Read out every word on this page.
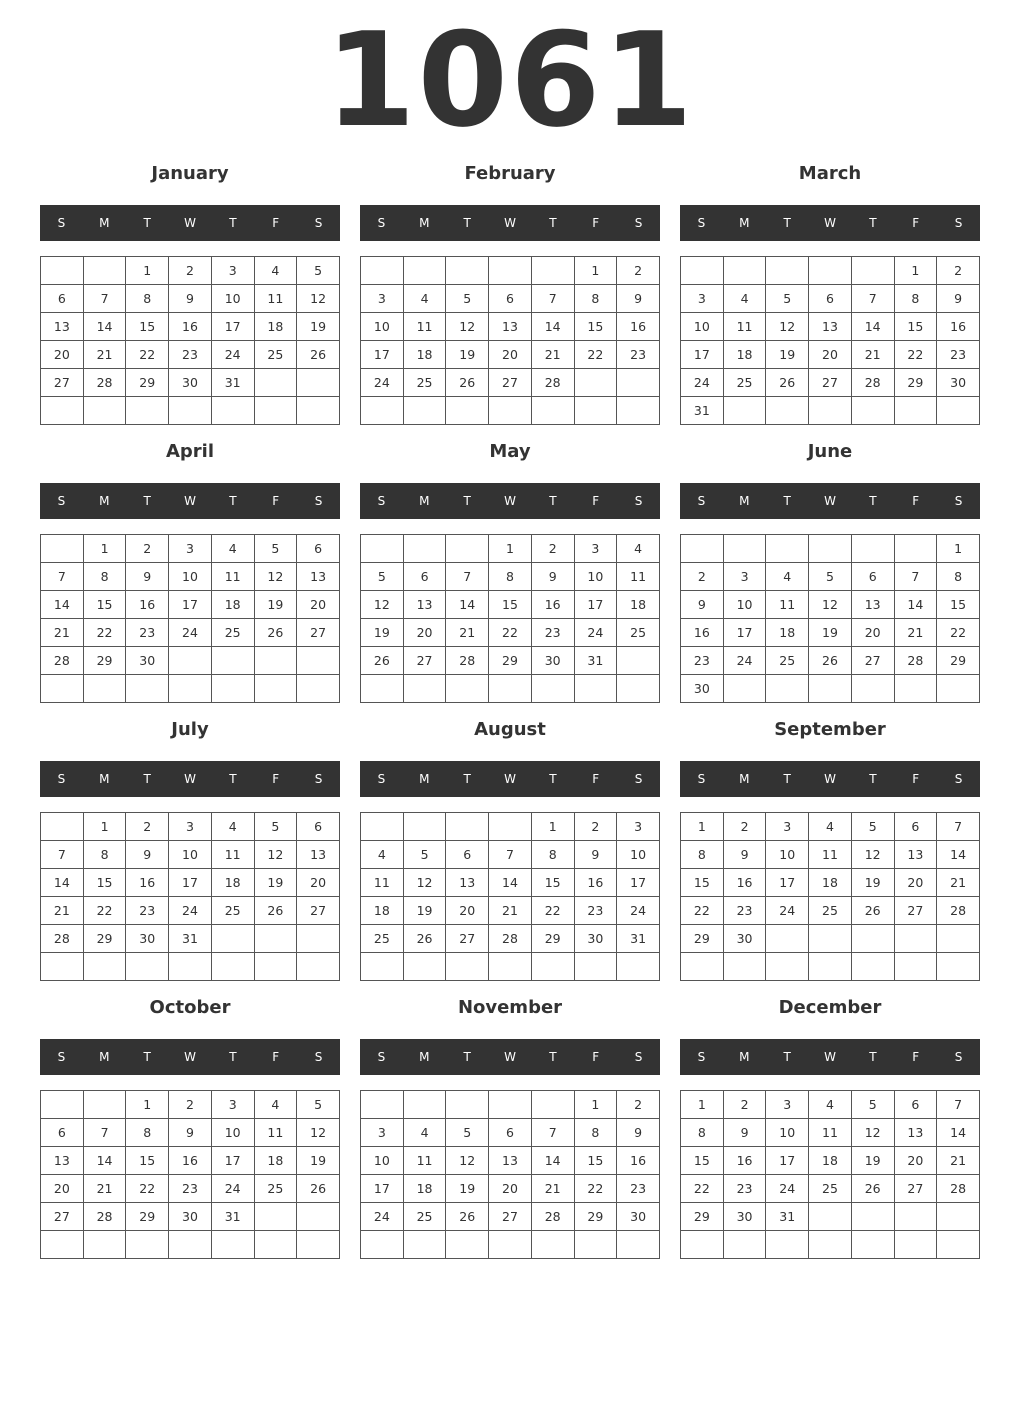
1061
January
S	M	T	W	T	F	S
		1	2	3	4	5
6	7	8	9	10	11	12
13	14	15	16	17	18	19
20	21	22	23	24	25	26
27	28	29	30	31		

February
S	M	T	W	T	F	S
					1	2
3	4	5	6	7	8	9
10	11	12	13	14	15	16
17	18	19	20	21	22	23
24	25	26	27	28		

March
S	M	T	W	T	F	S
					1	2
3	4	5	6	7	8	9
10	11	12	13	14	15	16
17	18	19	20	21	22	23
24	25	26	27	28	29	30
31						
April
S	M	T	W	T	F	S
	1	2	3	4	5	6
7	8	9	10	11	12	13
14	15	16	17	18	19	20
21	22	23	24	25	26	27
28	29	30				

May
S	M	T	W	T	F	S
			1	2	3	4
5	6	7	8	9	10	11
12	13	14	15	16	17	18
19	20	21	22	23	24	25
26	27	28	29	30	31	

June
S	M	T	W	T	F	S
						1
2	3	4	5	6	7	8
9	10	11	12	13	14	15
16	17	18	19	20	21	22
23	24	25	26	27	28	29
30						
July
S	M	T	W	T	F	S
	1	2	3	4	5	6
7	8	9	10	11	12	13
14	15	16	17	18	19	20
21	22	23	24	25	26	27
28	29	30	31			

August
S	M	T	W	T	F	S
				1	2	3
4	5	6	7	8	9	10
11	12	13	14	15	16	17
18	19	20	21	22	23	24
25	26	27	28	29	30	31

September
S	M	T	W	T	F	S
1	2	3	4	5	6	7
8	9	10	11	12	13	14
15	16	17	18	19	20	21
22	23	24	25	26	27	28
29	30					

October
S	M	T	W	T	F	S
		1	2	3	4	5
6	7	8	9	10	11	12
13	14	15	16	17	18	19
20	21	22	23	24	25	26
27	28	29	30	31		

November
S	M	T	W	T	F	S
					1	2
3	4	5	6	7	8	9
10	11	12	13	14	15	16
17	18	19	20	21	22	23
24	25	26	27	28	29	30

December
S	M	T	W	T	F	S
1	2	3	4	5	6	7
8	9	10	11	12	13	14
15	16	17	18	19	20	21
22	23	24	25	26	27	28
29	30	31				
